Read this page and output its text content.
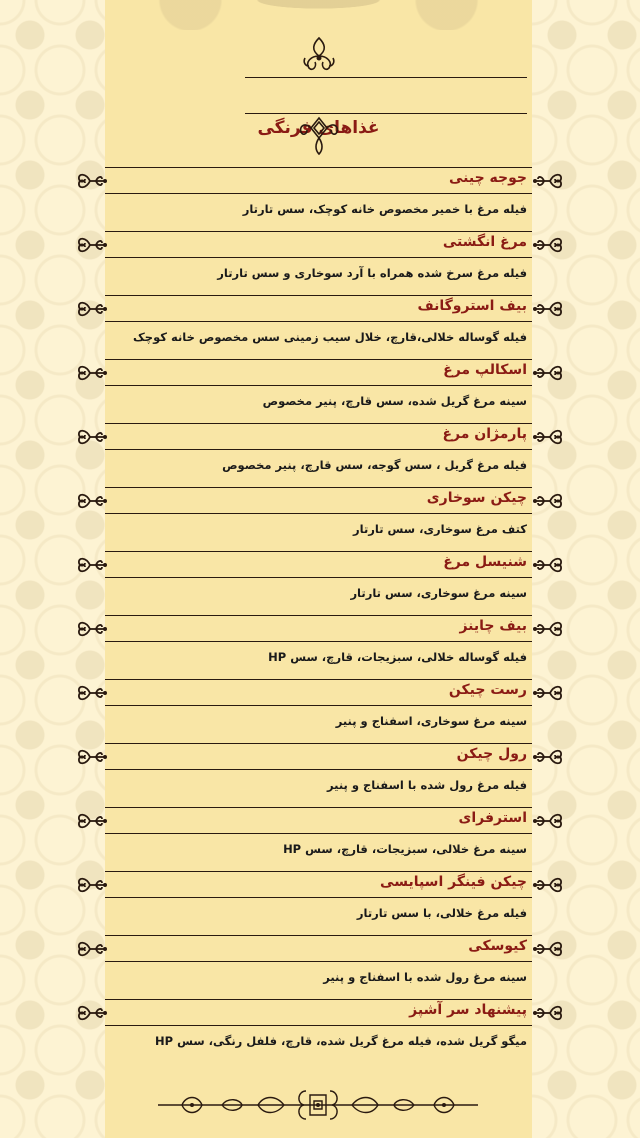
غذاهای فرنگی
جوجه چینی
فیله مرغ با خمیر مخصوص خانه کوچک، سس تارتار
مرغ انگشتی
فیله مرغ سرخ شده همراه با آرد سوخاری و سس تارتار
بیف استروگانف
فیله گوساله خلالی،قارچ، خلال سیب زمینی سس مخصوص خانه کوچک
اسکالپ مرغ
سینه مرغ گریل شده، سس قارچ، پنیر مخصوص
پارمژان مرغ
فیله مرغ گریل ، سس گوجه، سس قارچ، پنیر مخصوص
چیکن سوخاری
کتف مرغ سوخاری، سس تارتار
شنیسل مرغ
سینه مرغ سوخاری، سس تارتار
بیف چاینز
فیله گوساله خلالی، سبزیجات، قارچ، سس HP
رست چیکن
سینه مرغ سوخاری، اسفناج و پنیر
رول چیکن
فیله مرغ رول شده با اسفناج و پنیر
استرفرای
سینه مرغ خلالی، سبزیجات، قارچ، سس HP
چیکن فینگر اسپایسی
فیله مرغ خلالی، با سس تارتار
کیوسکی
سینه مرغ رول شده با اسفناج و پنیر
پیشنهاد سر آشپز
میگو گریل شده، فیله مرغ گریل شده، قارچ، فلفل رنگی، سس HP
